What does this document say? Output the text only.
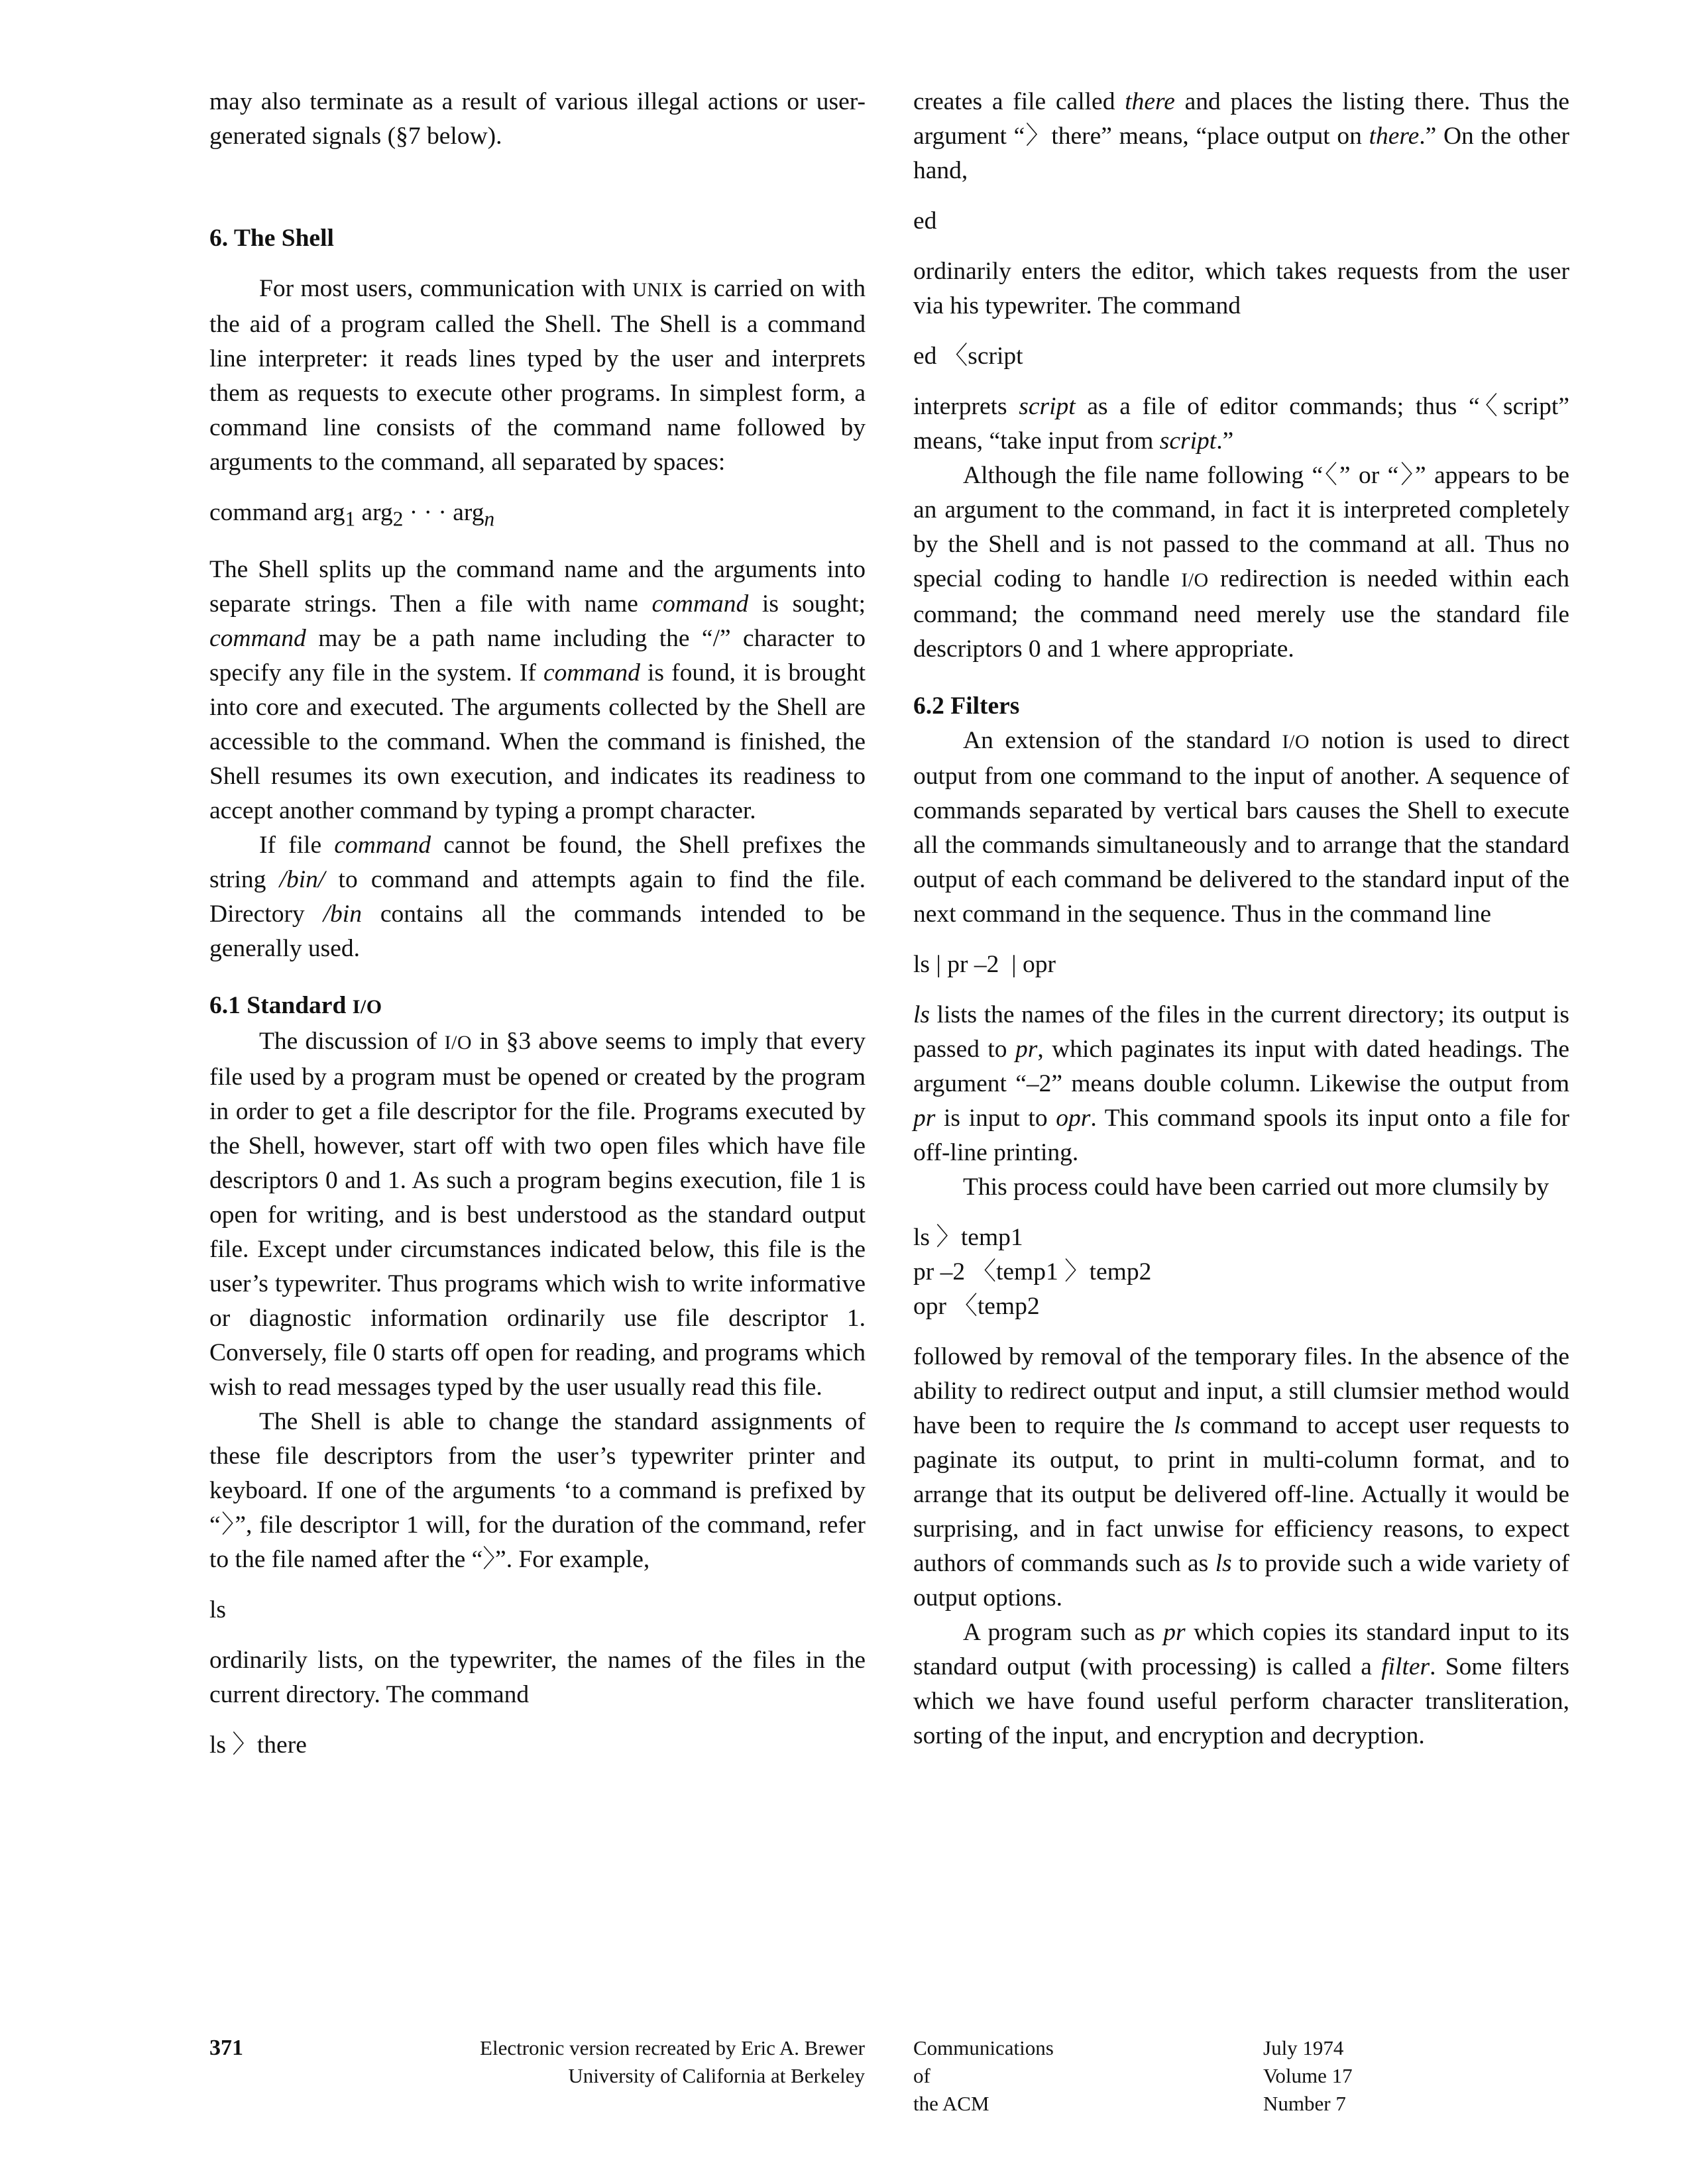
may also terminate as a result of various illegal actions or user-generated signals (§7 below).

6. The Shell

For most users, communication with UNIX is carried on with the aid of a program called the Shell. The Shell is a command line interpreter: it reads lines typed by the user and interprets them as requests to execute other programs. In simplest form, a command line consists of the command name followed by arguments to the command, all separated by spaces:

command arg$_1$ arg$_2$ · · · arg$_n$

The Shell splits up the command name and the arguments into separate strings. Then a file with name command is sought; command may be a path name including the “/” character to specify any file in the system. If command is found, it is brought into core and executed. The arguments collected by the Shell are accessible to the command. When the command is finished, the Shell resumes its own execution, and indicates its readiness to accept another command by typing a prompt character.

If file command cannot be found, the Shell prefixes the string /bin/ to command and attempts again to find the file. Directory /bin contains all the commands intended to be generally used.

6.1 Standard I/O

The discussion of I/O in §3 above seems to imply that every file used by a program must be opened or created by the program in order to get a file descriptor for the file. Programs executed by the Shell, however, start off with two open files which have file descriptors 0 and 1. As such a program begins execution, file 1 is open for writing, and is best understood as the standard output file. Except under circumstances indicated below, this file is the user’s typewriter. Thus programs which wish to write informative or diagnostic information ordinarily use file descriptor 1. Conversely, file 0 starts off open for reading, and programs which wish to read messages typed by the user usually read this file.

The Shell is able to change the standard assignments of these file descriptors from the user’s typewriter printer and keyboard. If one of the arguments ‘to a command is prefixed by “〉”, file descriptor 1 will, for the duration of the command, refer to the file named after the “〉”. For example,

ls

ordinarily lists, on the typewriter, the names of the files in the current directory. The command

ls 〉there

creates a file called there and places the listing there. Thus the argument “〉there” means, “place output on there.” On the other hand,

ed

ordinarily enters the editor, which takes requests from the user via his typewriter. The command

ed 〈script

interprets script as a file of editor commands; thus “〈script” means, “take input from script.”

Although the file name following “〈” or “〉” appears to be an argument to the command, in fact it is interpreted completely by the Shell and is not passed to the command at all. Thus no special coding to handle I/O redirection is needed within each command; the command need merely use the standard file descriptors 0 and 1 where appropriate.

6.2 Filters

An extension of the standard I/O notion is used to direct output from one command to the input of another. A sequence of commands separated by vertical bars causes the Shell to execute all the commands simultaneously and to arrange that the standard output of each command be delivered to the standard input of the next command in the sequence. Thus in the command line

ls | pr –2  | opr

ls lists the names of the files in the current directory; its output is passed to pr, which paginates its input with dated headings. The argument “–2” means double column. Likewise the output from pr is input to opr. This command spools its input onto a file for off-line printing.

This process could have been carried out more clumsily by

ls 〉temp1
pr –2 〈temp1 〉temp2
opr 〈temp2

followed by removal of the temporary files. In the absence of the ability to redirect output and input, a still clumsier method would have been to require the ls command to accept user requests to paginate its output, to print in multi-column format, and to arrange that its output be delivered off-line. Actually it would be surprising, and in fact unwise for efficiency reasons, to expect authors of commands such as ls to provide such a wide variety of output options.

A program such as pr which copies its standard input to its standard output (with processing) is called a filter. Some filters which we have found useful perform character transliteration, sorting of the input, and encryption and decryption.

371	Electronic version recreated by Eric A. Brewer
University of California at Berkeley
Communications
of
the ACM
July 1974
Volume 17
Number 7
